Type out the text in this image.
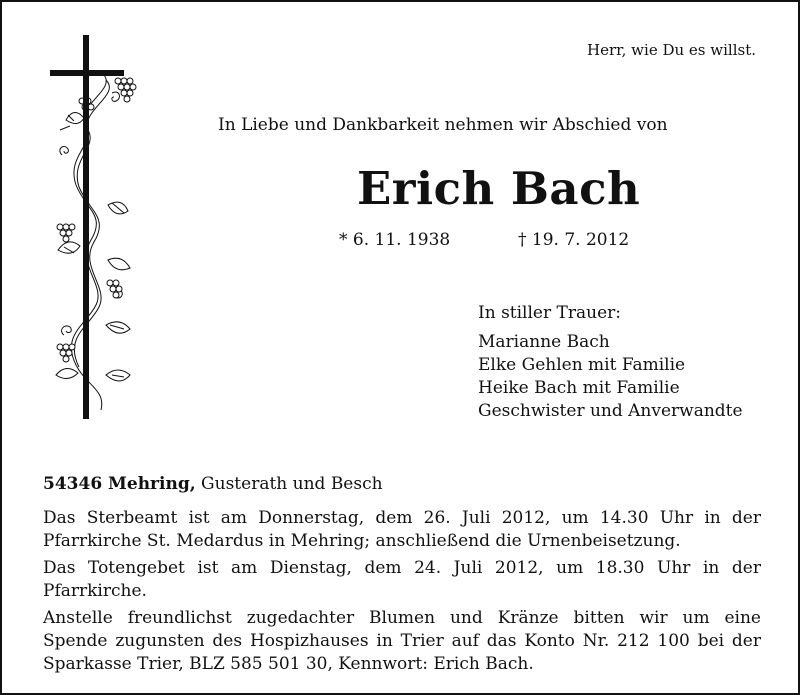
Herr, wie Du es willst.
In Liebe und Dankbarkeit nehmen wir Abschied von
Erich Bach
* 6. 11. 1938	† 19. 7. 2012
In stiller Trauer:
Marianne Bach
Elke Gehlen mit Familie
Heike Bach mit Familie
Geschwister und Anverwandte
54346 Mehring, Gusterath und Besch
Das Sterbeamt ist am Donnerstag, dem 26. Juli 2012, um 14.30 Uhr in der
Pfarrkirche St. Medardus in Mehring; anschließend die Urnenbeisetzung.
Das Totengebet ist am Dienstag, dem 24. Juli 2012, um 18.30 Uhr in der
Pfarrkirche.
Anstelle freundlichst zugedachter Blumen und Kränze bitten wir um eine
Spende zugunsten des Hospizhauses in Trier auf das Konto Nr. 212 100 bei der
Sparkasse Trier, BLZ 585 501 30, Kennwort: Erich Bach.
